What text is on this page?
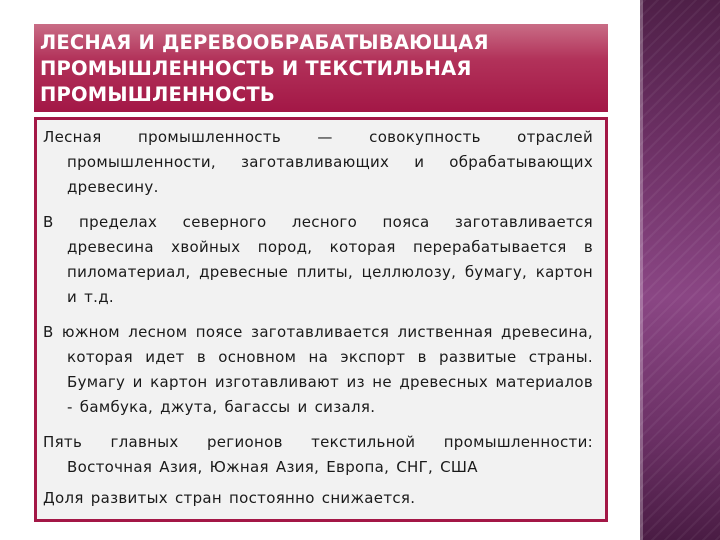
ЛЕСНАЯ И ДЕРЕВООБРАБАТЫВАЮЩАЯ ПРОМЫШЛЕННОСТЬ И ТЕКСТИЛЬНАЯ ПРОМЫШЛЕННОСТЬ

Лесная промышленность — совокупность отраслей промышленности, заготавливающих и обрабатывающих древесину.

В пределах северного лесного пояса заготавливается древесина хвойных пород, которая перерабатывается в пиломатериал, древесные плиты, целлюлозу, бумагу, картон и т.д.

В южном лесном поясе заготавливается лиственная древесина, которая идет в основном на экспорт в развитые страны. Бумагу и картон изготавливают из не древесных материалов - бамбука, джута, багассы и сизаля.

Пять главных регионов текстильной промышленности: Восточная Азия, Южная Азия, Европа, СНГ, США

Доля развитых стран постоянно снижается.
